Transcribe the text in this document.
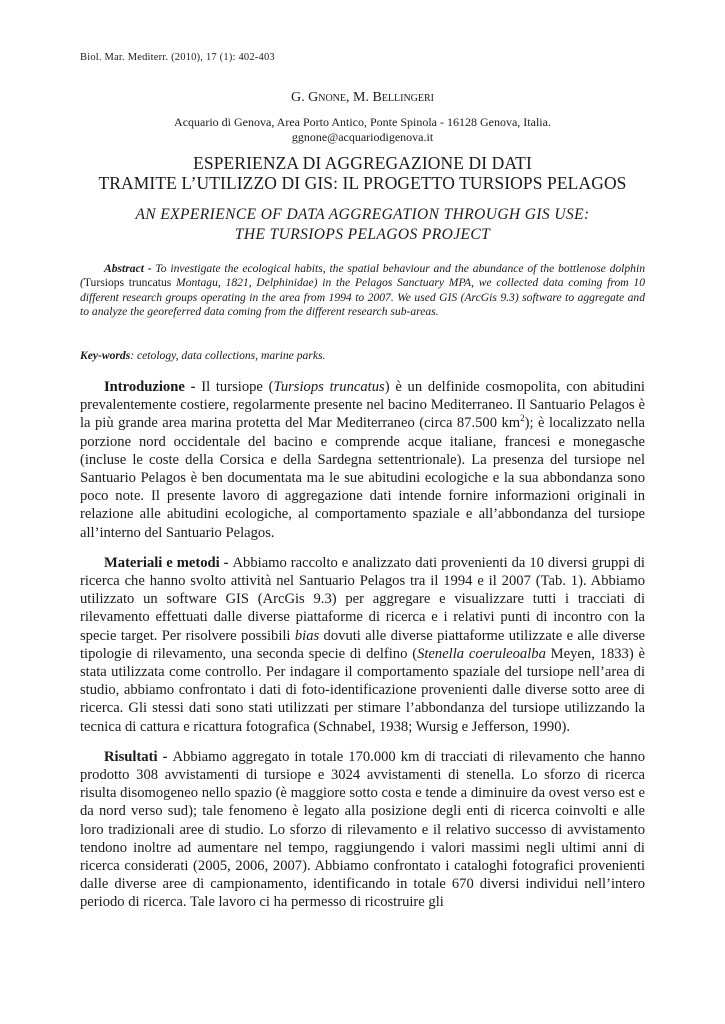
Biol. Mar. Mediterr. (2010), 17 (1): 402-403
G. Gnone, M. Bellingeri
Acquario di Genova, Area Porto Antico, Ponte Spinola - 16128 Genova, Italia.
ggnone@acquariodigenova.it
ESPERIENZA DI AGGREGAZIONE DI DATI
TRAMITE L’UTILIZZO DI GIS: IL PROGETTO TURSIOPS PELAGOS
AN EXPERIENCE OF DATA AGGREGATION THROUGH GIS USE:
THE TURSIOPS PELAGOS PROJECT
Abstract - To investigate the ecological habits, the spatial behaviour and the abundance of the bottlenose dolphin (Tursiops truncatus Montagu, 1821, Delphinidae) in the Pelagos Sanctuary MPA, we collected data coming from 10 different research groups operating in the area from 1994 to 2007. We used GIS (ArcGis 9.3) software to aggregate and to analyze the georeferred data coming from the different research sub-areas.
Key-words: cetology, data collections, marine parks.

Introduzione - Il tursiope (Tursiops truncatus) è un delfinide cosmopolita, con abitudini prevalentemente costiere, regolarmente presente nel bacino Mediterraneo. Il Santuario Pelagos è la più grande area marina protetta del Mar Mediterraneo (circa 87.500 $km^2$); è localizzato nella porzione nord occidentale del bacino e comprende acque italiane, francesi e monegasche (incluse le coste della Corsica e della Sardegna settentrionale). La presenza del tursiope nel Santuario Pelagos è ben documentata ma le sue abitudini ecologiche e la sua abbondanza sono poco note. Il presente lavoro di aggregazione dati intende fornire informazioni originali in relazione alle abitudini ecologiche, al comportamento spaziale e all’abbondanza del tursiope all’interno del Santuario Pelagos.

Materiali e metodi - Abbiamo raccolto e analizzato dati provenienti da 10 diversi gruppi di ricerca che hanno svolto attività nel Santuario Pelagos tra il 1994 e il 2007 (Tab. 1). Abbiamo utilizzato un software GIS (ArcGis 9.3) per aggregare e visualizzare tutti i tracciati di rilevamento effettuati dalle diverse piattaforme di ricerca e i relativi punti di incontro con la specie target. Per risolvere possibili bias dovuti alle diverse piattaforme utilizzate e alle diverse tipologie di rilevamento, una seconda specie di delfino (Stenella coeruleoalba Meyen, 1833) è stata utilizzata come controllo. Per indagare il comportamento spaziale del tursiope nell’area di studio, abbiamo confrontato i dati di foto-identificazione provenienti dalle diverse sotto aree di ricerca. Gli stessi dati sono stati utilizzati per stimare l’abbondanza del tursiope utilizzando la tecnica di cattura e ricattura fotografica (Schnabel, 1938; Wursig e Jefferson, 1990).

Risultati - Abbiamo aggregato in totale 170.000 km di tracciati di rilevamento che hanno prodotto 308 avvistamenti di tursiope e 3024 avvistamenti di stenella. Lo sforzo di ricerca risulta disomogeneo nello spazio (è maggiore sotto costa e tende a diminuire da ovest verso est e da nord verso sud); tale fenomeno è legato alla posizione degli enti di ricerca coinvolti e alle loro tradizionali aree di studio. Lo sforzo di rilevamento e il relativo successo di avvistamento tendono inoltre ad aumentare nel tempo, raggiungendo i valori massimi negli ultimi anni di ricerca considerati (2005, 2006, 2007). Abbiamo confrontato i cataloghi fotografici provenienti dalle diverse aree di campionamento, identificando in totale 670 diversi individui nell’intero periodo di ricerca. Tale lavoro ci ha permesso di ricostruire gli
